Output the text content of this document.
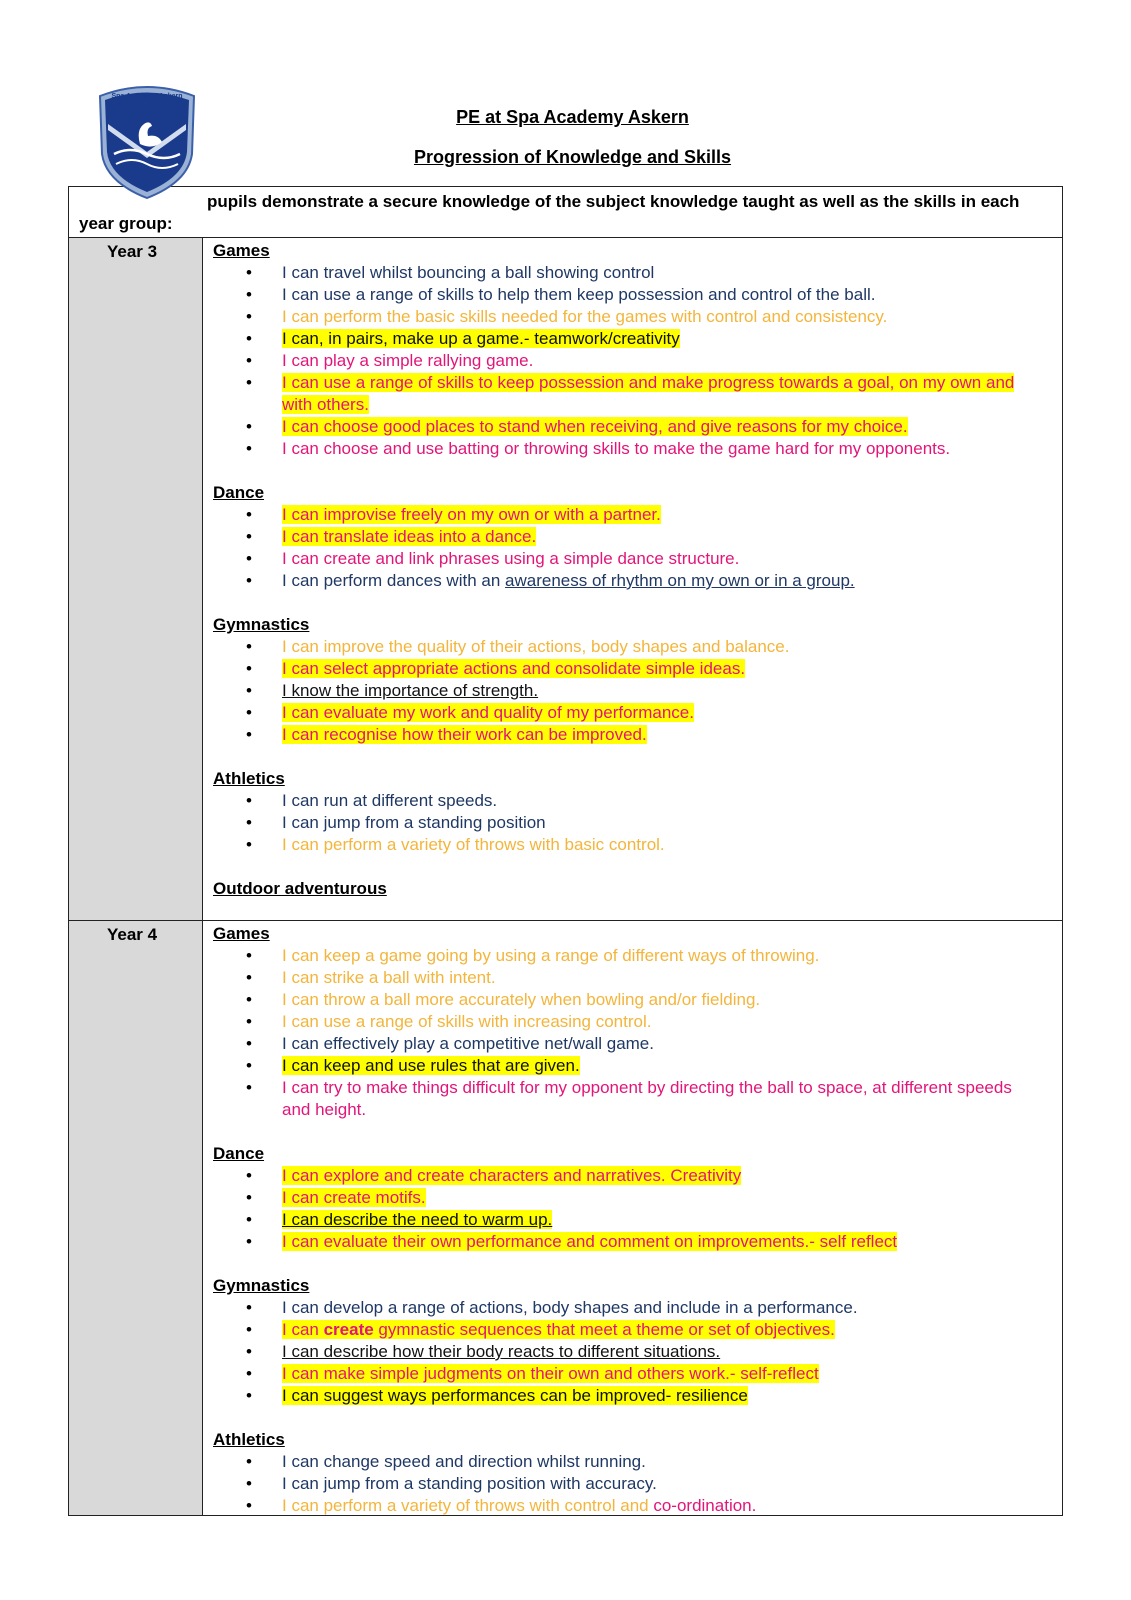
Spa Academy Askern
PE at Spa Academy Askern
Progression of Knowledge and Skills
pupils demonstrate a secure knowledge of the subject knowledge taught as well as the skills in each year group:
Year 3	Games
• I can travel whilst bouncing a ball showing control
• I can use a range of skills to help them keep possession and control of the ball.
• I can perform the basic skills needed for the games with control and consistency.
• I can, in pairs, make up a game.- teamwork/creativity
• I can play a simple rallying game.
• I can use a range of skills to keep possession and make progress towards a goal, on my own and with others.
• I can choose good places to stand when receiving, and give reasons for my choice.
• I can choose and use batting or throwing skills to make the game hard for my opponents.
Dance
• I can improvise freely on my own or with a partner.
• I can translate ideas into a dance.
• I can create and link phrases using a simple dance structure.
• I can perform dances with an awareness of rhythm on my own or in a group.
Gymnastics
• I can improve the quality of their actions, body shapes and balance.
• I can select appropriate actions and consolidate simple ideas.
• I know the importance of strength.
• I can evaluate my work and quality of my performance.
• I can recognise how their work can be improved.
Athletics
• I can run at different speeds.
• I can jump from a standing position
• I can perform a variety of throws with basic control.
Outdoor adventurous
Year 4	Games
• I can keep a game going by using a range of different ways of throwing.
• I can strike a ball with intent.
• I can throw a ball more accurately when bowling and/or fielding.
• I can use a range of skills with increasing control.
• I can effectively play a competitive net/wall game.
• I can keep and use rules that are given.
• I can try to make things difficult for my opponent by directing the ball to space, at different speeds and height.
Dance
• I can explore and create characters and narratives. Creativity
• I can create motifs.
• I can describe the need to warm up.
• I can evaluate their own performance and comment on improvements.- self reflect
Gymnastics
• I can develop a range of actions, body shapes and include in a performance.
• I can create gymnastic sequences that meet a theme or set of objectives.
• I can describe how their body reacts to different situations.
• I can make simple judgments on their own and others work.- self-reflect
• I can suggest ways performances can be improved- resilience
Athletics
• I can change speed and direction whilst running.
• I can jump from a standing position with accuracy.
• I can perform a variety of throws with control and co-ordination.
